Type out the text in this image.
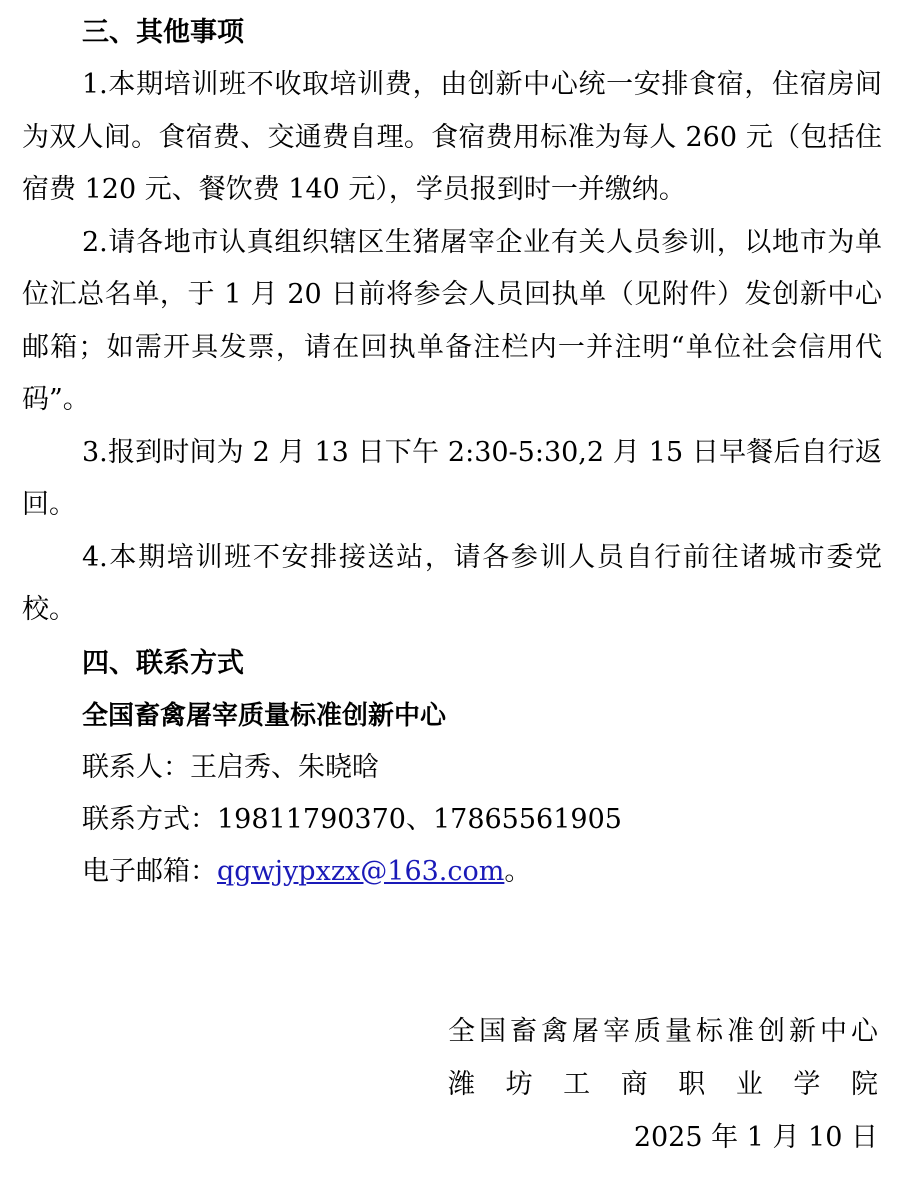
三、其他事项

1.本期培训班不收取培训费，由创新中心统一安排食宿，住宿房间为双人间。食宿费、交通费自理。食宿费用标准为每人 260 元（包括住宿费 120 元、餐饮费 140 元），学员报到时一并缴纳。

2.请各地市认真组织辖区生猪屠宰企业有关人员参训，以地市为单位汇总名单，于 1 月 20 日前将参会人员回执单（见附件）发创新中心邮箱；如需开具发票，请在回执单备注栏内一并注明“单位社会信用代码”。

3.报到时间为 2 月 13 日下午 2:30-5:30,2 月 15 日早餐后自行返回。

4.本期培训班不安排接送站，请各参训人员自行前往诸城市委党校。

四、联系方式
全国畜禽屠宰质量标准创新中心
联系人：王启秀、朱晓晗
联系方式：19811790370、17865561905
电子邮箱：qgwjypxzx@163.com。
全国畜禽屠宰质量标准创新中心
潍坊工商职业学院
2025 年 1 月 10 日
